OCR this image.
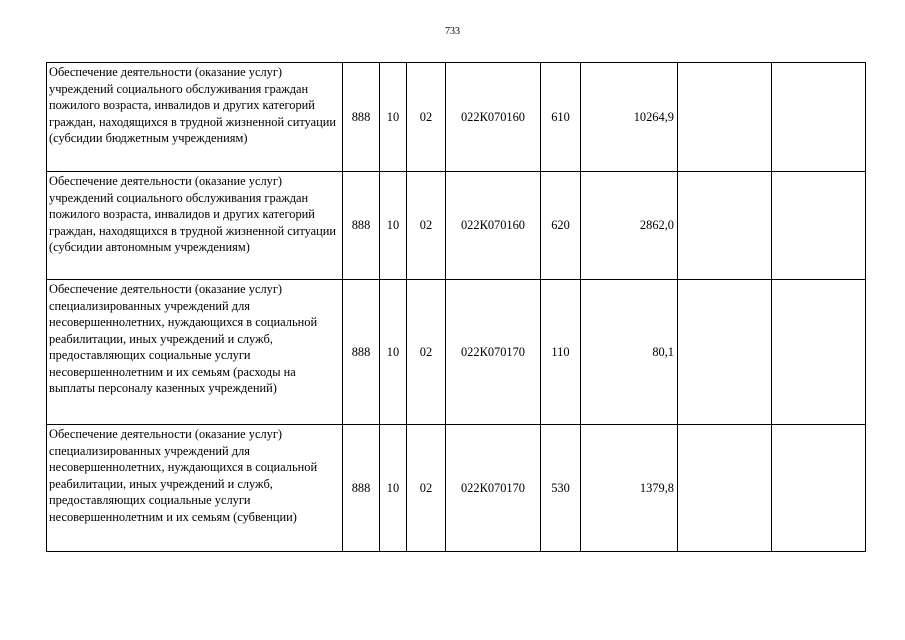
733
Обеспечение деятельности (оказание услуг) учреждений социального обслуживания граждан пожилого возраста, инвалидов и других категорий граждан, находящихся в трудной жизненной ситуации (субсидии бюджетным учреждениям)	888	10	02	022К070160	610	10264,9		
Обеспечение деятельности (оказание услуг) учреждений социального обслуживания граждан пожилого возраста, инвалидов и других категорий граждан, находящихся в трудной жизненной ситуации (субсидии автономным учреждениям)	888	10	02	022К070160	620	2862,0		
Обеспечение деятельности (оказание услуг) специализированных учреждений для несовершеннолетних, нуждающихся в социальной реабилитации, иных учреждений и служб, предоставляющих социальные услуги несовершеннолетним и их семьям (расходы на выплаты персоналу казенных учреждений)	888	10	02	022К070170	110	80,1		
Обеспечение деятельности (оказание услуг) специализированных учреждений для несовершеннолетних, нуждающихся в социальной реабилитации, иных учреждений и служб, предоставляющих социальные услуги несовершеннолетним и их семьям (субвенции)	888	10	02	022К070170	530	1379,8		
